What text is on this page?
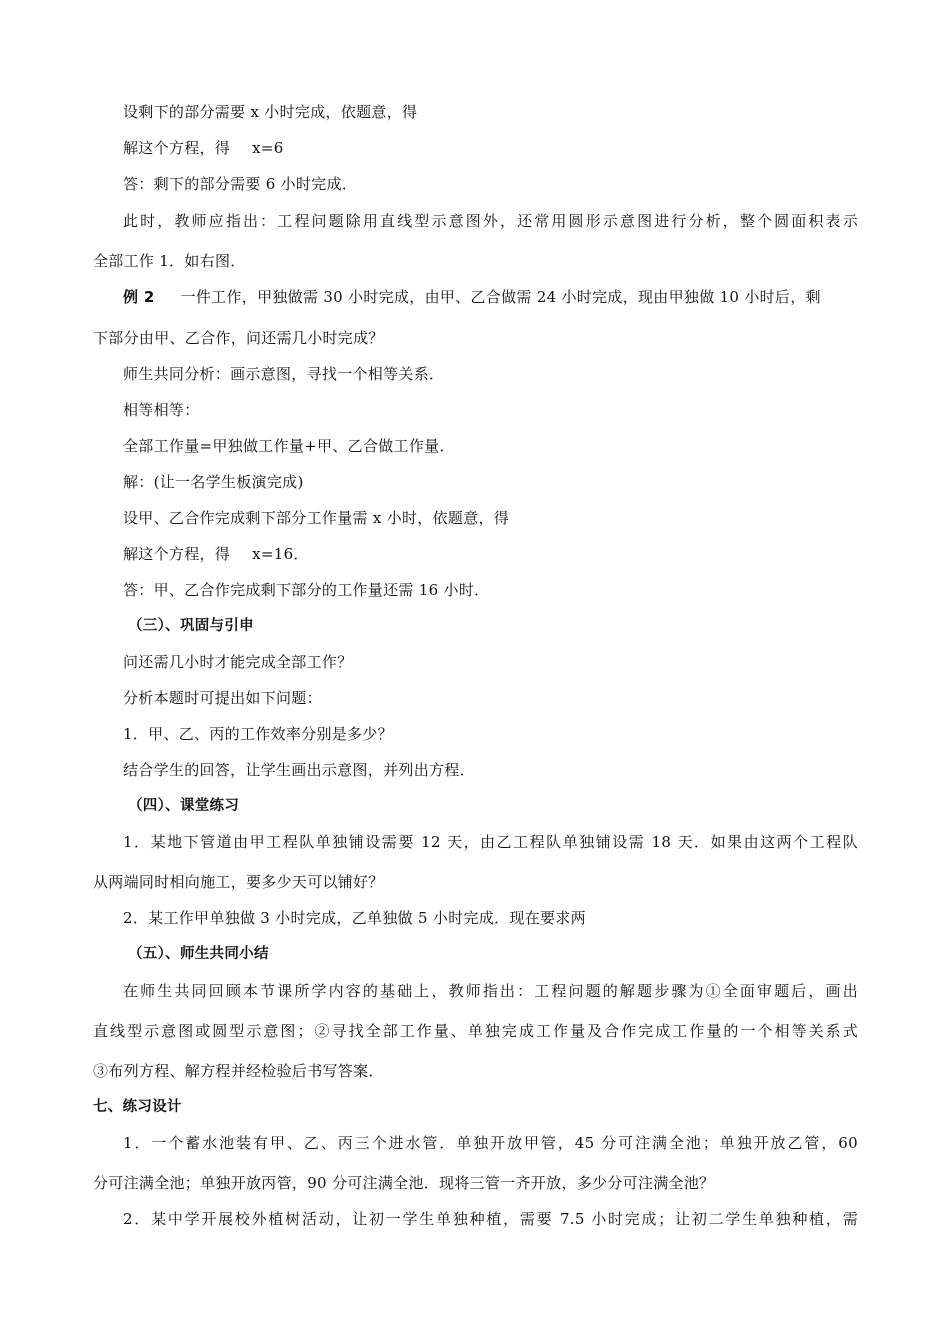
设剩下的部分需要 x 小时完成，依题意，得
解这个方程，得 x=6
答：剩下的部分需要 6 小时完成．
此时，教师应指出：工程问题除用直线型示意图外，还常用圆形示意图进行分析，整个圆面积表示
全部工作 1．如右图．
例 2 一件工作，甲独做需 30 小时完成，由甲、乙合做需 24 小时完成，现由甲独做 10 小时后，剩
下部分由甲、乙合作，问还需几小时完成？
师生共同分析：画示意图，寻找一个相等关系．
相等相等：
全部工作量=甲独做工作量+甲、乙合做工作量．
解：(让一名学生板演完成)
设甲、乙合作完成剩下部分工作量需 x 小时，依题意，得
解这个方程，得 x=16．
答：甲、乙合作完成剩下部分的工作量还需 16 小时．
（三）、巩固与引申
问还需几小时才能完成全部工作？
分析本题时可提出如下问题：
1．甲、乙、丙的工作效率分别是多少？
结合学生的回答，让学生画出示意图，并列出方程．
（四）、课堂练习
1．某地下管道由甲工程队单独铺设需要 12 天，由乙工程队单独铺设需 18 天．如果由这两个工程队
从两端同时相向施工，要多少天可以铺好？
2．某工作甲单独做 3 小时完成，乙单独做 5 小时完成．现在要求两
（五）、师生共同小结
在师生共同回顾本节课所学内容的基础上，教师指出：工程问题的解题步骤为①全面审题后，画出
直线型示意图或圆型示意图；②寻找全部工作量、单独完成工作量及合作完成工作量的一个相等关系式
③布列方程、解方程并经检验后书写答案．
七、练习设计
1．一个蓄水池装有甲、乙、丙三个进水管．单独开放甲管，45 分可注满全池；单独开放乙管，60
分可注满全池；单独开放丙管，90 分可注满全池．现将三管一齐开放，多少分可注满全池？
2．某中学开展校外植树活动，让初一学生单独种植，需要 7.5 小时完成；让初二学生单独种植，需
